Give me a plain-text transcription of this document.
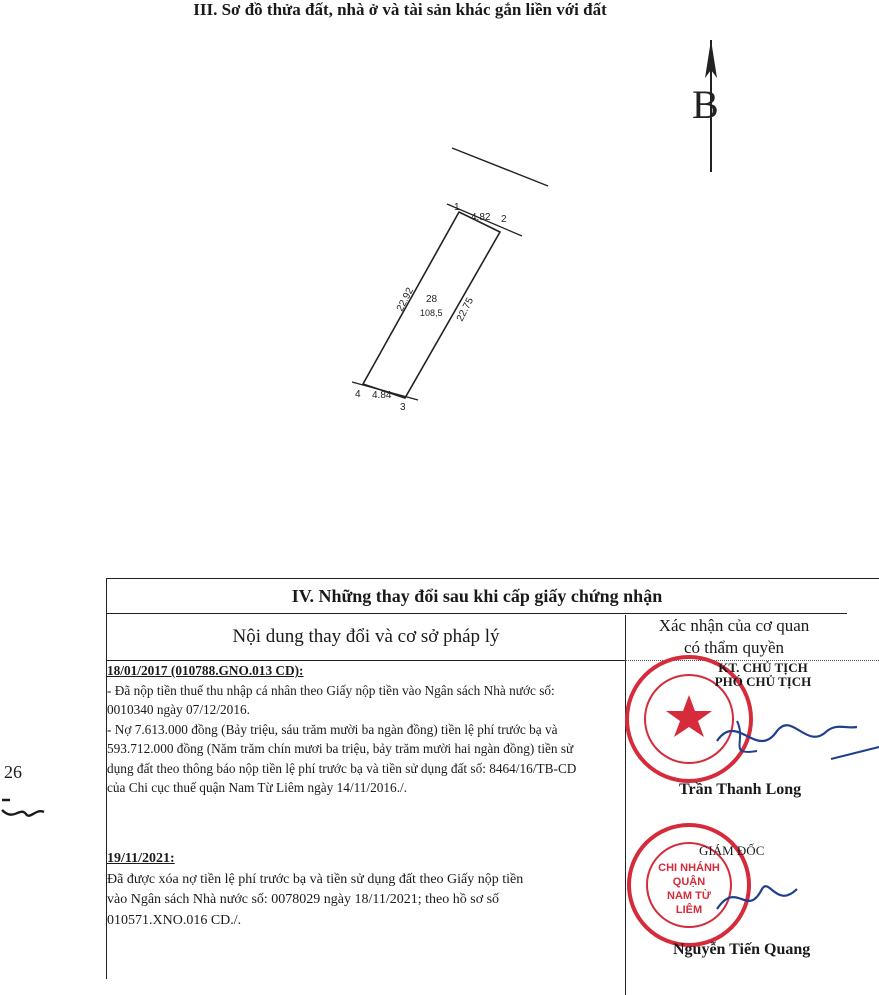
III. Sơ đồ thửa đất, nhà ở và tài sản khác gắn liền với đất
B
1
2
3
4
4.82
4.84
22.92	22.75
28
108,5
26
IV. Những thay đổi sau khi cấp giấy chứng nhận
Nội dung thay đổi và cơ sở pháp lý
Xác nhận của cơ quan
có thẩm quyền
18/01/2017 (010788.GNO.013 CD):
- Đã nộp tiền thuế thu nhập cá nhân theo Giấy nộp tiền vào Ngân sách Nhà nước số:
0010340 ngày 07/12/2016.
- Nợ 7.613.000 đồng (Bảy triệu, sáu trăm mười ba ngàn đồng) tiền lệ phí trước bạ và
593.712.000 đồng (Năm trăm chín mươi ba triệu, bảy trăm mười hai ngàn đồng) tiền sử
dụng đất theo thông báo nộp tiền lệ phí trước bạ và tiền sử dụng đất số: 8464/16/TB-CD
của Chi cục thuế quận Nam Từ Liêm ngày 14/11/2016./.
19/11/2021:
Đã được xóa nợ tiền lệ phí trước bạ và tiền sử dụng đất theo Giấy nộp tiền
vào Ngân sách Nhà nước số: 0078029 ngày 18/11/2021; theo hồ sơ số
010571.XNO.016 CD./.
KT. CHỦ TỊCH
PHÓ CHỦ TỊCH
Trần Thanh Long
CHI NHÁNH
QUẬN
NAM TỪ LIÊM
GIÁM ĐỐC
Nguyễn Tiến Quang
